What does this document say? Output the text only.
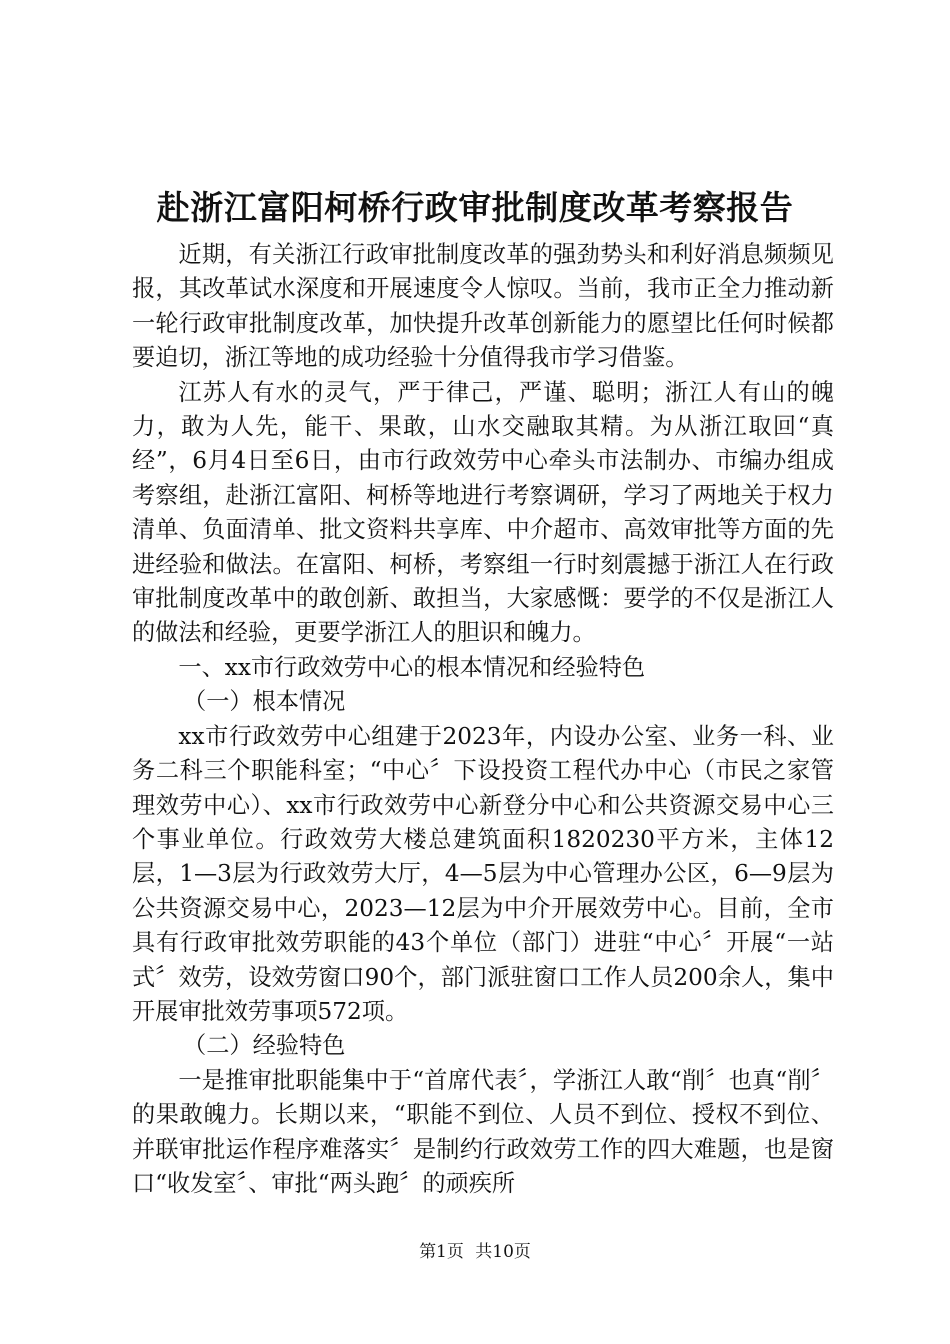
赴浙江富阳柯桥行政审批制度改革考察报告

近期，有关浙江行政审批制度改革的强劲势头和利好消息频频见报，其改革试水深度和开展速度令人惊叹。当前，我市正全力推动新一轮行政审批制度改革，加快提升改革创新能力的愿望比任何时候都要迫切，浙江等地的成功经验十分值得我市学习借鉴。

江苏人有水的灵气，严于律己，严谨、聪明；浙江人有山的魄力，敢为人先，能干、果敢，山水交融取其精。为从浙江取回“真经”，6月4日至6日，由市行政效劳中心牵头市法制办、市编办组成考察组，赴浙江富阳、柯桥等地进行考察调研，学习了两地关于权力清单、负面清单、批文资料共享库、中介超市、高效审批等方面的先进经验和做法。在富阳、柯桥，考察组一行时刻震撼于浙江人在行政审批制度改革中的敢创新、敢担当，大家感慨：要学的不仅是浙江人的做法和经验，更要学浙江人的胆识和魄力。

一、xx市行政效劳中心的根本情况和经验特色

（一）根本情况

xx市行政效劳中心组建于2023年，内设办公室、业务一科、业务二科三个职能科室；“中心〞下设投资工程代办中心（市民之家管理效劳中心）、xx市行政效劳中心新登分中心和公共资源交易中心三个事业单位。行政效劳大楼总建筑面积1820230平方米，主体12层，1—3层为行政效劳大厅，4—5层为中心管理办公区，6—9层为公共资源交易中心，2023—12层为中介开展效劳中心。目前，全市具有行政审批效劳职能的43个单位（部门）进驻“中心〞开展“一站式〞效劳，设效劳窗口90个，部门派驻窗口工作人员200余人，集中开展审批效劳事项572项。

（二）经验特色

一是推审批职能集中于“首席代表〞，学浙江人敢“削〞也真“削〞的果敢魄力。长期以来，“职能不到位、人员不到位、授权不到位、并联审批运作程序难落实〞是制约行政效劳工作的四大难题，也是窗口“收发室〞、审批“两头跑〞的顽疾所

第1页 共10页
